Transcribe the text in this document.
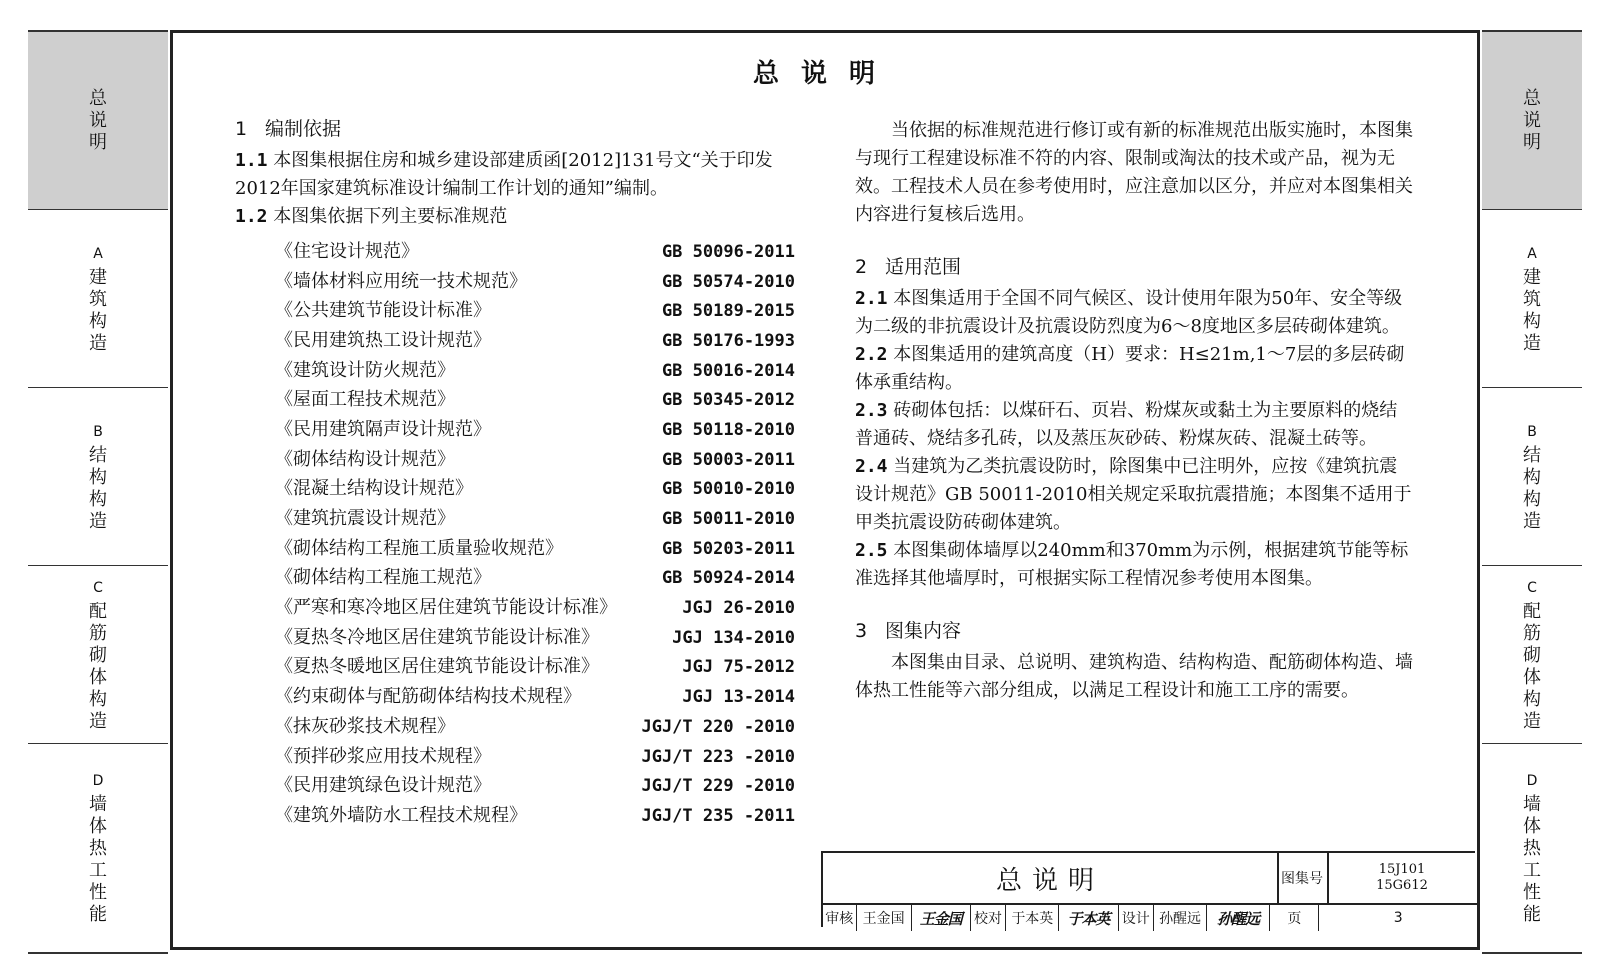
总
说
明
A
建
筑
构
造
B
结
构
构
造
C
配
筋
砌
体
构
造
D
墙
体
热
工
性
能
总
说
明
A
建
筑
构
造
B
结
构
构
造
C
配
筋
砌
体
构
造
D
墙
体
热
工
性
能
总说明
1 编制依据

1.1 本图集根据住房和城乡建设部建质函[2012]131号文“关于印发2012年国家建筑标准设计编制工作计划的通知”编制。

1.2 本图集依据下列主要标准规范

《住宅设计规范》	GB 50096-2011
《墙体材料应用统一技术规范》	GB 50574-2010
《公共建筑节能设计标准》	GB 50189-2015
《民用建筑热工设计规范》	GB 50176-1993
《建筑设计防火规范》	GB 50016-2014
《屋面工程技术规范》	GB 50345-2012
《民用建筑隔声设计规范》	GB 50118-2010
《砌体结构设计规范》	GB 50003-2011
《混凝土结构设计规范》	GB 50010-2010
《建筑抗震设计规范》	GB 50011-2010
《砌体结构工程施工质量验收规范》	GB 50203-2011
《砌体结构工程施工规范》	GB 50924-2014
《严寒和寒冷地区居住建筑节能设计标准》	JGJ 26-2010
《夏热冬冷地区居住建筑节能设计标准》	JGJ 134-2010
《夏热冬暖地区居住建筑节能设计标准》	JGJ 75-2012
《约束砌体与配筋砌体结构技术规程》	JGJ 13-2014
《抹灰砂浆技术规程》	JGJ/T 220 -2010
《预拌砂浆应用技术规程》	JGJ/T 223 -2010
《民用建筑绿色设计规范》	JGJ/T 229 -2010
《建筑外墙防水工程技术规程》	JGJ/T 235 -2011

当依据的标准规范进行修订或有新的标准规范出版实施时，本图集与现行工程建设标准不符的内容、限制或淘汰的技术或产品，视为无效。工程技术人员在参考使用时，应注意加以区分，并应对本图集相关内容进行复核后选用。

2 适用范围

2.1 本图集适用于全国不同气候区、设计使用年限为50年、安全等级为二级的非抗震设计及抗震设防烈度为6～8度地区多层砖砌体建筑。

2.2 本图集适用的建筑高度（H）要求：H≤21m,1～7层的多层砖砌体承重结构。

2.3 砖砌体包括：以煤矸石、页岩、粉煤灰或黏土为主要原料的烧结普通砖、烧结多孔砖，以及蒸压灰砂砖、粉煤灰砖、混凝土砖等。

2.4 当建筑为乙类抗震设防时，除图集中已注明外，应按《建筑抗震设计规范》GB 50011-2010相关规定采取抗震措施；本图集不适用于甲类抗震设防砖砌体建筑。

2.5 本图集砌体墙厚以240mm和370mm为示例，根据建筑节能等标准选择其他墙厚时，可根据实际工程情况参考使用本图集。

3 图集内容

本图集由目录、总说明、建筑构造、结构构造、配筋砌体构造、墙体热工性能等六部分组成，以满足工程设计和施工工序的需要。

总说明	图集号
15J101
15G612
审核 王金国	王金国 校对 于本英 于本英 设计 孙醒远	孙醒远	页	3
